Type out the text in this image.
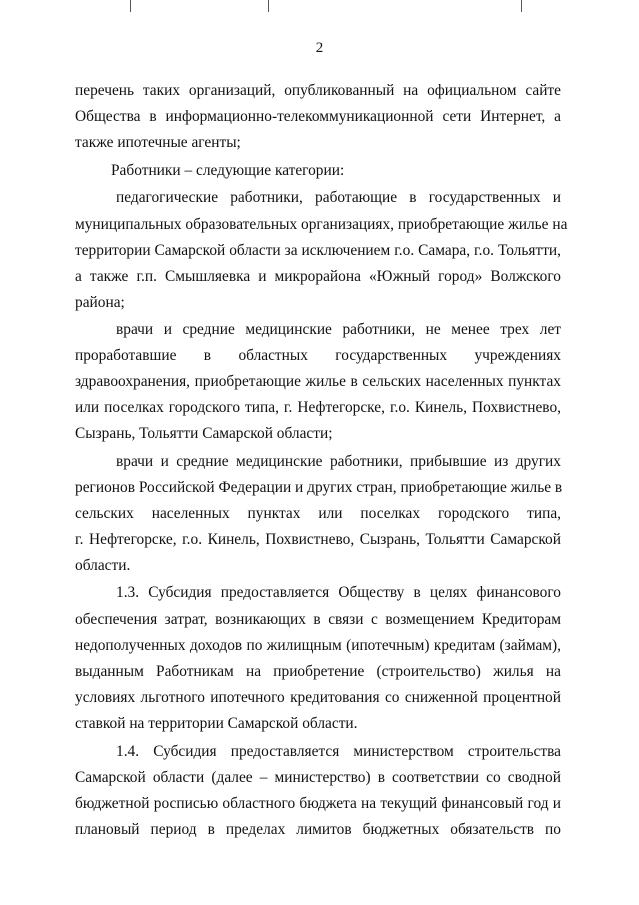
2
перечень таких организаций, опубликованный на официальном сайте
Общества в информационно-телекоммуникационной сети Интернет, а
также ипотечные агенты;
Работники – следующие категории:
педагогические работники, работающие в государственных и
муниципальных образовательных организациях, приобретающие жилье на
территории Самарской области за исключением г.о. Самара, г.о. Тольятти,
а также г.п. Смышляевка и микрорайона «Южный город» Волжского
района;
врачи и средние медицинские работники, не менее трех лет
проработавшие в областных государственных учреждениях
здравоохранения, приобретающие жилье в сельских населенных пунктах
или поселках городского типа, г. Нефтегорске, г.о. Кинель, Похвистнево,
Сызрань, Тольятти Самарской области;
врачи и средние медицинские работники, прибывшие из других
регионов Российской Федерации и других стран, приобретающие жилье в
сельских населенных пунктах или поселках городского типа,
г. Нефтегорске, г.о. Кинель, Похвистнево, Сызрань, Тольятти Самарской
области.
1.3. Субсидия предоставляется Обществу в целях финансового
обеспечения затрат, возникающих в связи с возмещением Кредиторам
недополученных доходов по жилищным (ипотечным) кредитам (займам),
выданным Работникам на приобретение (строительство) жилья на
условиях льготного ипотечного кредитования со сниженной процентной
ставкой на территории Самарской области.
1.4. Субсидия предоставляется министерством строительства
Самарской области (далее – министерство) в соответствии со сводной
бюджетной росписью областного бюджета на текущий финансовый год и
плановый период в пределах лимитов бюджетных обязательств по
